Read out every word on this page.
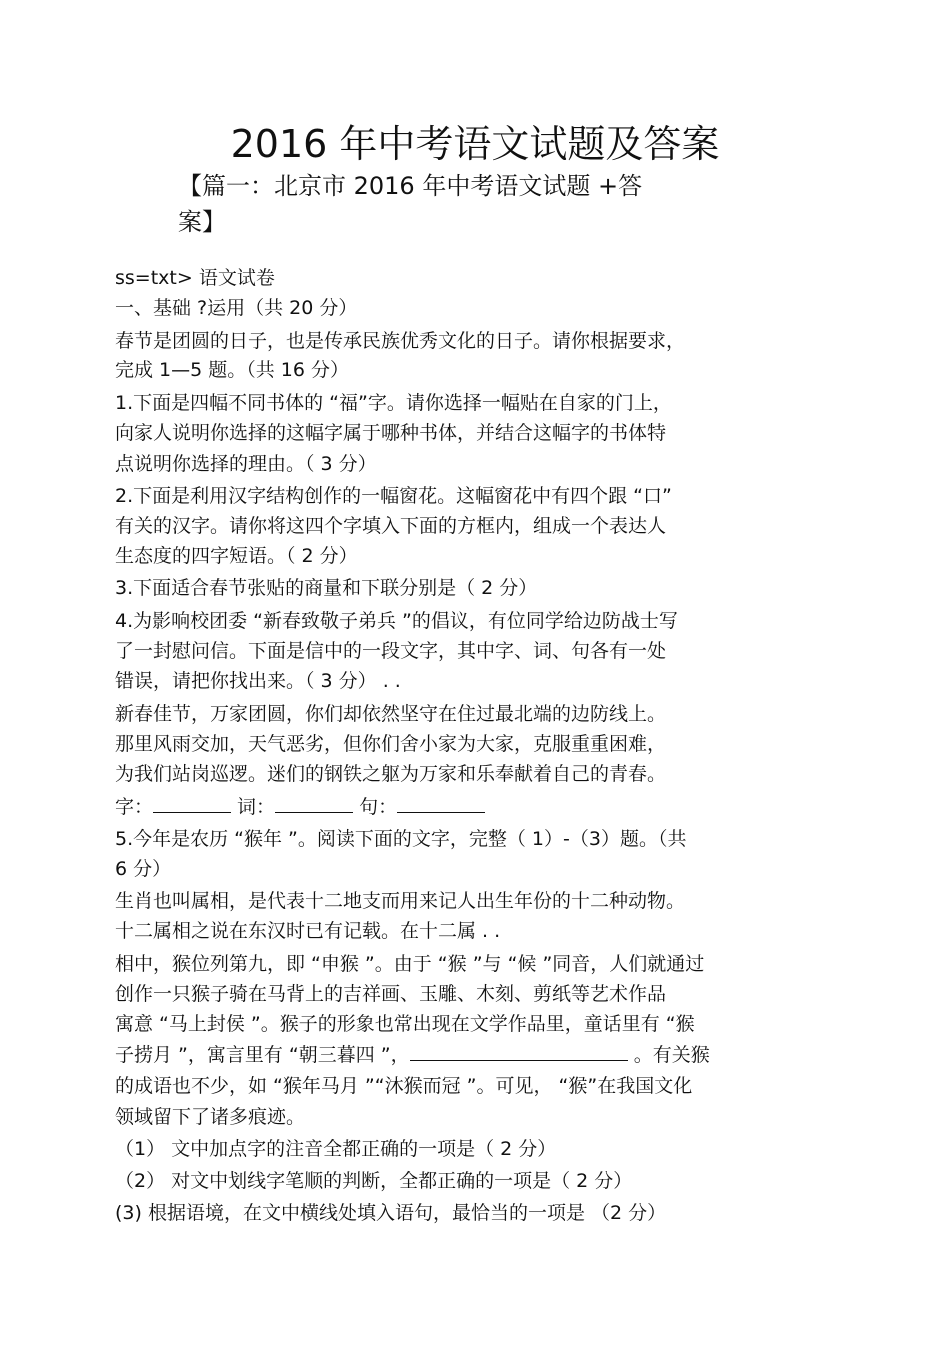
2016 年中考语文试题及答案
【篇一：北京市 2016 年中考语文试题 +答
案】
ss=txt> 语文试卷
一、基础 ?运用（共 20 分）
春节是团圆的日子，也是传承民族优秀文化的日子。请你根据要求，
完成 1—5 题。（共 16 分）
1.下面是四幅不同书体的 “福”字。请你选择一幅贴在自家的门上，
向家人说明你选择的这幅字属于哪种书体，并结合这幅字的书体特
点说明你选择的理由。（ 3 分）
2.下面是利用汉字结构创作的一幅窗花。这幅窗花中有四个跟 “口”
有关的汉字。请你将这四个字填入下面的方框内，组成一个表达人
生态度的四字短语。（ 2 分）
3.下面适合春节张贴的商量和下联分别是（ 2 分）
4.为影响校团委 “新春致敬子弟兵 ”的倡议，有位同学给边防战士写
了一封慰问信。下面是信中的一段文字，其中字、词、句各有一处
错误，请把你找出来。（ 3 分） . .
新春佳节，万家团圆，你们却依然坚守在住过最北端的边防线上。
那里风雨交加，天气恶劣，但你们舍小家为大家，克服重重困难，
为我们站岗巡逻。迷们的钢铁之躯为万家和乐奉献着自己的青春。
字：	词：	句：
5.今年是农历 “猴年 ”。阅读下面的文字，完整（ 1）-（3）题。（共
6 分）
生肖也叫属相，是代表十二地支而用来记人出生年份的十二种动物。
十二属相之说在东汉时已有记载。在十二属 . .
相中，猴位列第九，即 “申猴 ”。由于 “猴 ”与 “候 ”同音，人们就通过
创作一只猴子骑在马背上的吉祥画、玉雕、木刻、剪纸等艺术作品
寓意 “马上封侯 ”。猴子的形象也常出现在文学作品里，童话里有 “猴
子捞月 ”，寓言里有 “朝三暮四 ”，	。有关猴
的成语也不少，如 “猴年马月 ”“沐猴而冠 ”。可见， “猴”在我国文化
领域留下了诸多痕迹。
（1） 文中加点字的注音全都正确的一项是（ 2 分）
（2） 对文中划线字笔顺的判断，全都正确的一项是（ 2 分）
(3) 根据语境，在文中横线处填入语句，最恰当的一项是 （2 分）
